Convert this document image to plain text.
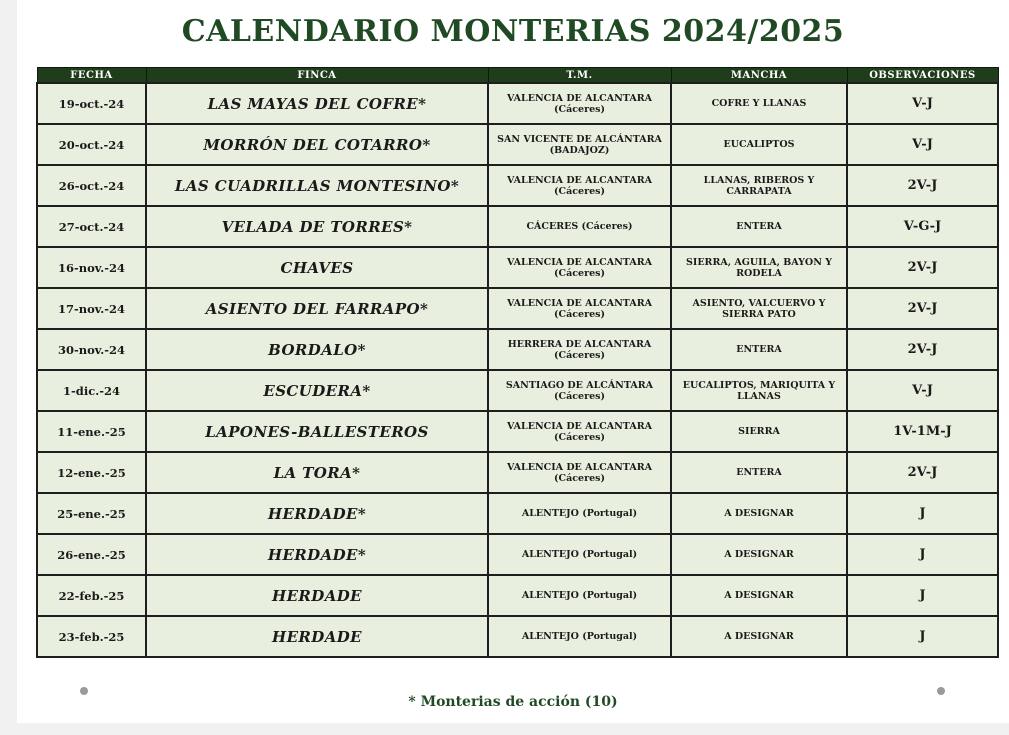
CALENDARIO MONTERIAS 2024/2025
FECHA	FINCA	T.M.	MANCHA	OBSERVACIONES
19-oct.-24	LAS MAYAS DEL COFRE*	VALENCIA DE ALCANTARA (Cáceres)	COFRE Y LLANAS	V-J
20-oct.-24	MORRÓN DEL COTARRO*	SAN VICENTE DE ALCÁNTARA (BADAJOZ)	EUCALIPTOS	V-J
26-oct.-24	LAS CUADRILLAS MONTESINO*	VALENCIA DE ALCANTARA (Cáceres)	LLANAS, RIBEROS Y CARRAPATA	2V-J
27-oct.-24	VELADA DE TORRES*	CÁCERES (Cáceres)	ENTERA	V-G-J
16-nov.-24	CHAVES	VALENCIA DE ALCANTARA (Cáceres)	SIERRA, AGUILA, BAYON Y RODELA	2V-J
17-nov.-24	ASIENTO DEL FARRAPO*	VALENCIA DE ALCANTARA (Cáceres)	ASIENTO, VALCUERVO Y SIERRA PATO	2V-J
30-nov.-24	BORDALO*	HERRERA DE ALCANTARA (Cáceres)	ENTERA	2V-J
1-dic.-24	ESCUDERA*	SANTIAGO DE ALCÁNTARA (Cáceres)	EUCALIPTOS, MARIQUITA Y LLANAS	V-J
11-ene.-25	LAPONES-BALLESTEROS	VALENCIA DE ALCANTARA (Cáceres)	SIERRA	1V-1M-J
12-ene.-25	LA TORA*	VALENCIA DE ALCANTARA (Cáceres)	ENTERA	2V-J
25-ene.-25	HERDADE*	ALENTEJO (Portugal)	A DESIGNAR	J
26-ene.-25	HERDADE*	ALENTEJO (Portugal)	A DESIGNAR	J
22-feb.-25	HERDADE	ALENTEJO (Portugal)	A DESIGNAR	J
23-feb.-25	HERDADE	ALENTEJO (Portugal)	A DESIGNAR	J
* Monterias de acción (10)
